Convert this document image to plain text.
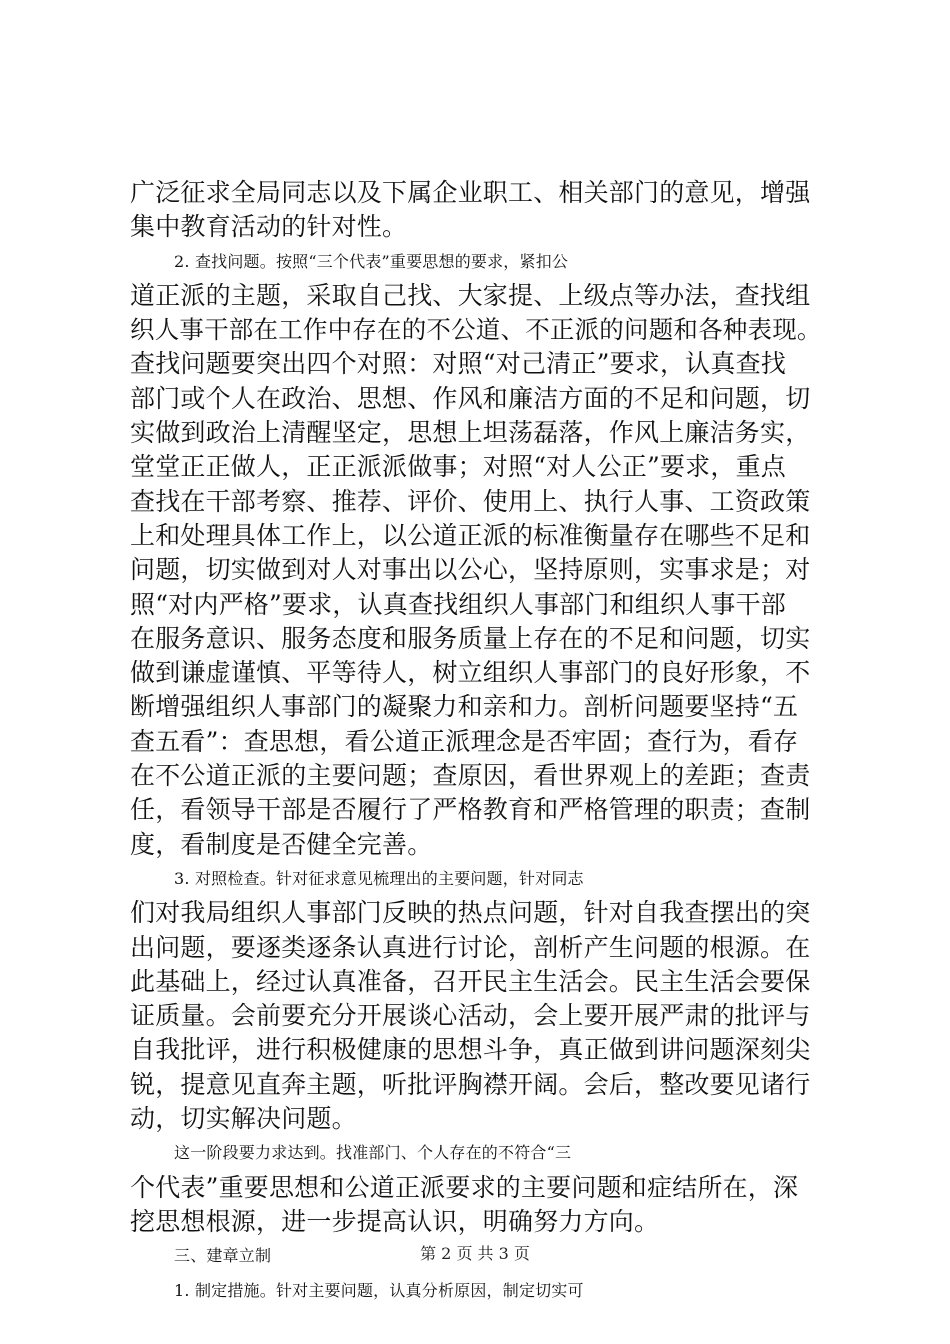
广泛征求全局同志以及下属企业职工、相关部门的意见，增强
集中教育活动的针对性。
2. 查找问题。按照“三个代表”重要思想的要求，紧扣公
道正派的主题，采取自己找、大家提、上级点等办法，查找组
织人事干部在工作中存在的不公道、不正派的问题和各种表现。
查找问题要突出四个对照：对照“对己清正”要求，认真查找
部门或个人在政治、思想、作风和廉洁方面的不足和问题，切
实做到政治上清醒坚定，思想上坦荡磊落，作风上廉洁务实，
堂堂正正做人，正正派派做事；对照“对人公正”要求，重点
查找在干部考察、推荐、评价、使用上、执行人事、工资政策
上和处理具体工作上，以公道正派的标准衡量存在哪些不足和
问题，切实做到对人对事出以公心，坚持原则，实事求是；对
照“对内严格”要求，认真查找组织人事部门和组织人事干部
在服务意识、服务态度和服务质量上存在的不足和问题，切实
做到谦虚谨慎、平等待人，树立组织人事部门的良好形象，不
断增强组织人事部门的凝聚力和亲和力。剖析问题要坚持“五
查五看”：查思想，看公道正派理念是否牢固；查行为，看存
在不公道正派的主要问题；查原因，看世界观上的差距；查责
任，看领导干部是否履行了严格教育和严格管理的职责；查制
度，看制度是否健全完善。
3. 对照检查。针对征求意见梳理出的主要问题，针对同志
们对我局组织人事部门反映的热点问题，针对自我查摆出的突
出问题，要逐类逐条认真进行讨论，剖析产生问题的根源。在
此基础上，经过认真准备，召开民主生活会。民主生活会要保
证质量。会前要充分开展谈心活动，会上要开展严肃的批评与
自我批评，进行积极健康的思想斗争，真正做到讲问题深刻尖
锐，提意见直奔主题，听批评胸襟开阔。会后，整改要见诸行
动，切实解决问题。
这一阶段要力求达到。找准部门、个人存在的不符合“三
个代表”重要思想和公道正派要求的主要问题和症结所在，深
挖思想根源，进一步提高认识，明确努力方向。
三、建章立制
1. 制定措施。针对主要问题，认真分析原因，制定切实可
第 2 页 共 3 页
